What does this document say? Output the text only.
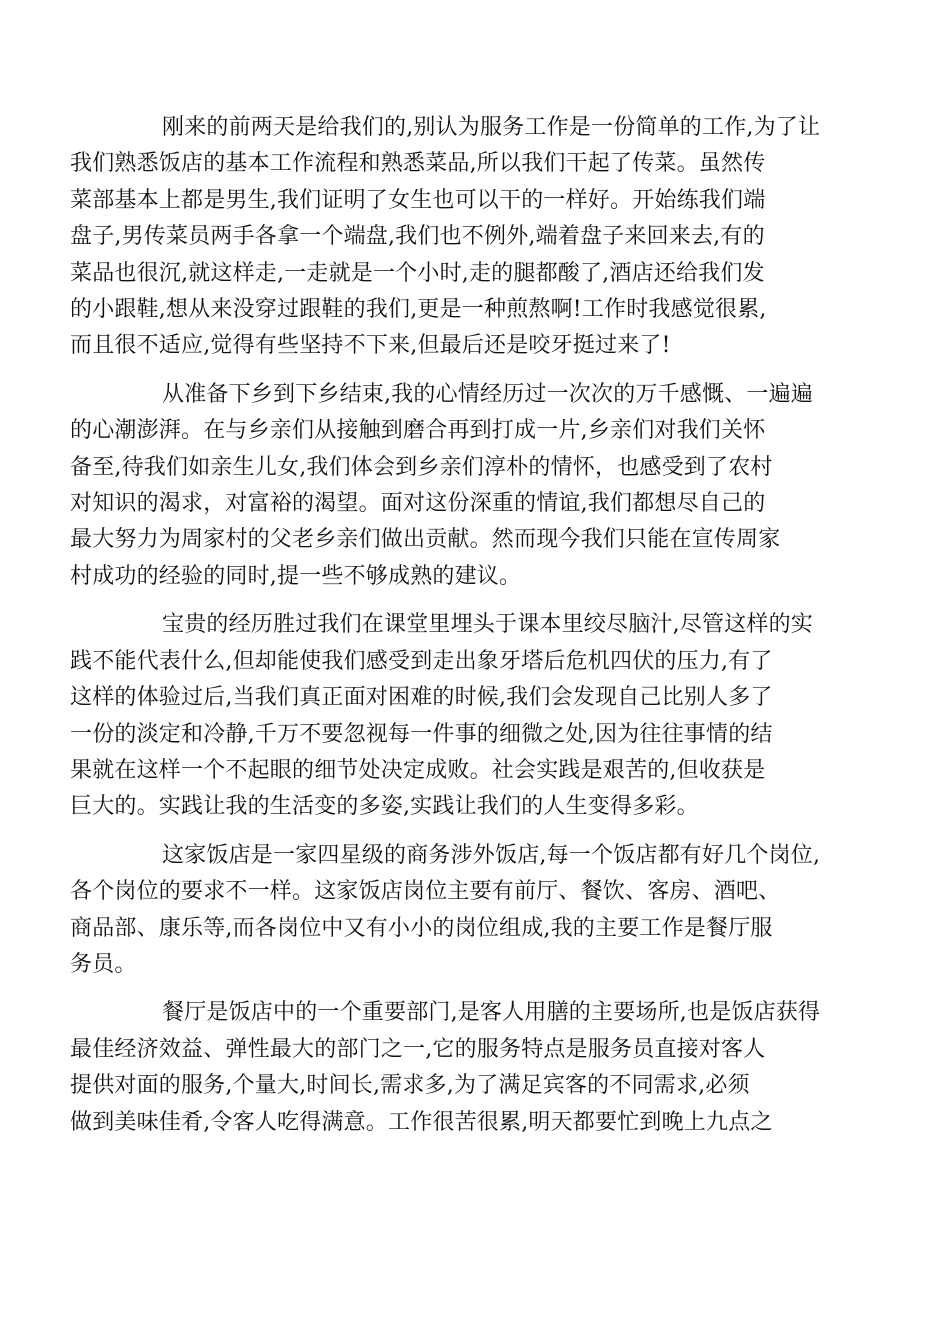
刚来的前两天是给我们的,别认为服务工作是一份简单的工作,为了让
我们熟悉饭店的基本工作流程和熟悉菜品,所以我们干起了传菜。虽然传
菜部基本上都是男生,我们证明了女生也可以干的一样好。开始练我们端
盘子,男传菜员两手各拿一个端盘,我们也不例外,端着盘子来回来去,有的
菜品也很沉,就这样走,一走就是一个小时,走的腿都酸了,酒店还给我们发
的小跟鞋,想从来没穿过跟鞋的我们,更是一种煎熬啊!工作时我感觉很累,
而且很不适应,觉得有些坚持不下来,但最后还是咬牙挺过来了!

从准备下乡到下乡结束,我的心情经历过一次次的万千感慨、一遍遍
的心潮澎湃。在与乡亲们从接触到磨合再到打成一片,乡亲们对我们关怀
备至,待我们如亲生儿女,我们体会到乡亲们淳朴的情怀，也感受到了农村
对知识的渴求，对富裕的渴望。面对这份深重的情谊,我们都想尽自己的
最大努力为周家村的父老乡亲们做出贡献。然而现今我们只能在宣传周家
村成功的经验的同时,提一些不够成熟的建议。

宝贵的经历胜过我们在课堂里埋头于课本里绞尽脑汁,尽管这样的实
践不能代表什么,但却能使我们感受到走出象牙塔后危机四伏的压力,有了
这样的体验过后,当我们真正面对困难的时候,我们会发现自己比别人多了
一份的淡定和冷静,千万不要忽视每一件事的细微之处,因为往往事情的结
果就在这样一个不起眼的细节处决定成败。社会实践是艰苦的,但收获是
巨大的。实践让我的生活变的多姿,实践让我们的人生变得多彩。

这家饭店是一家四星级的商务涉外饭店,每一个饭店都有好几个岗位,
各个岗位的要求不一样。这家饭店岗位主要有前厅、餐饮、客房、酒吧、
商品部、康乐等,而各岗位中又有小小的岗位组成,我的主要工作是餐厅服
务员。

餐厅是饭店中的一个重要部门,是客人用膳的主要场所,也是饭店获得
最佳经济效益、弹性最大的部门之一,它的服务特点是服务员直接对客人
提供对面的服务,个量大,时间长,需求多,为了满足宾客的不同需求,必须
做到美味佳肴,令客人吃得满意。工作很苦很累,明天都要忙到晚上九点之
